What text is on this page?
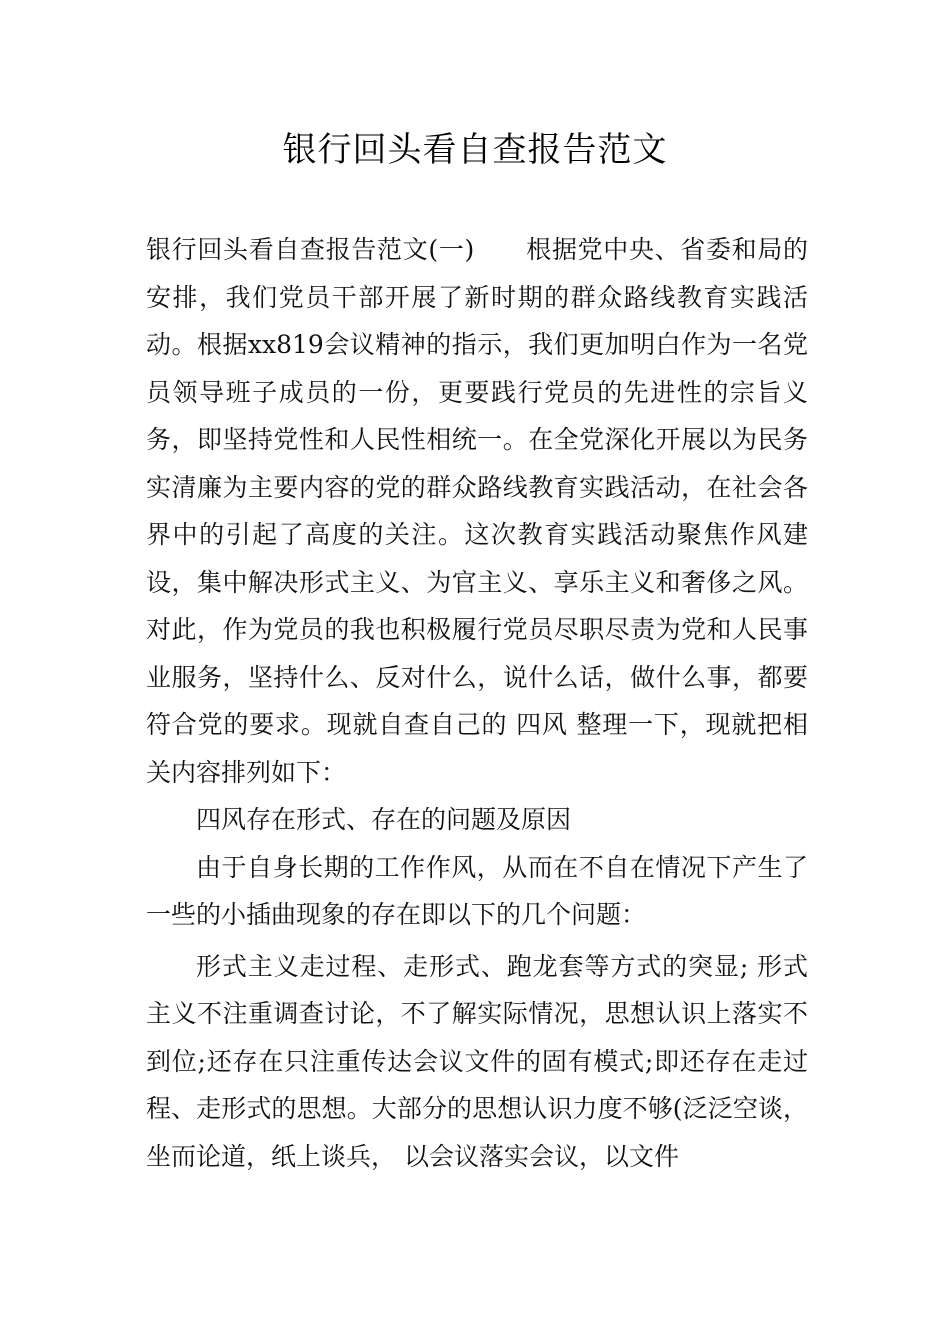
银行回头看自查报告范文

银行回头看自查报告范文(一)　　根据党中央、省委和局的安排，我们党员干部开展了新时期的群众路线教育实践活动。根据xx819会议精神的指示，我们更加明白作为一名党员领导班子成员的一份，更要践行党员的先进性的宗旨义务，即坚持党性和人民性相统一。在全党深化开展以为民务实清廉为主要内容的党的群众路线教育实践活动，在社会各界中的引起了高度的关注。这次教育实践活动聚焦作风建设，集中解决形式主义、为官主义、享乐主义和奢侈之风。对此，作为党员的我也积极履行党员尽职尽责为党和人民事业服务，坚持什么、反对什么，说什么话，做什么事，都要符合党的要求。现就自查自己的 四风 整理一下，现就把相关内容排列如下：

四风存在形式、存在的问题及原因

由于自身长期的工作作风，从而在不自在情况下产生了一些的小插曲现象的存在即以下的几个问题：

形式主义走过程、走形式、跑龙套等方式的突显; 形式主义不注重调查讨论，不了解实际情况，思想认识上落实不到位;还存在只注重传达会议文件的固有模式;即还存在走过程、走形式的思想。大部分的思想认识力度不够(泛泛空谈，坐而论道，纸上谈兵， 以会议落实会议，以文件
